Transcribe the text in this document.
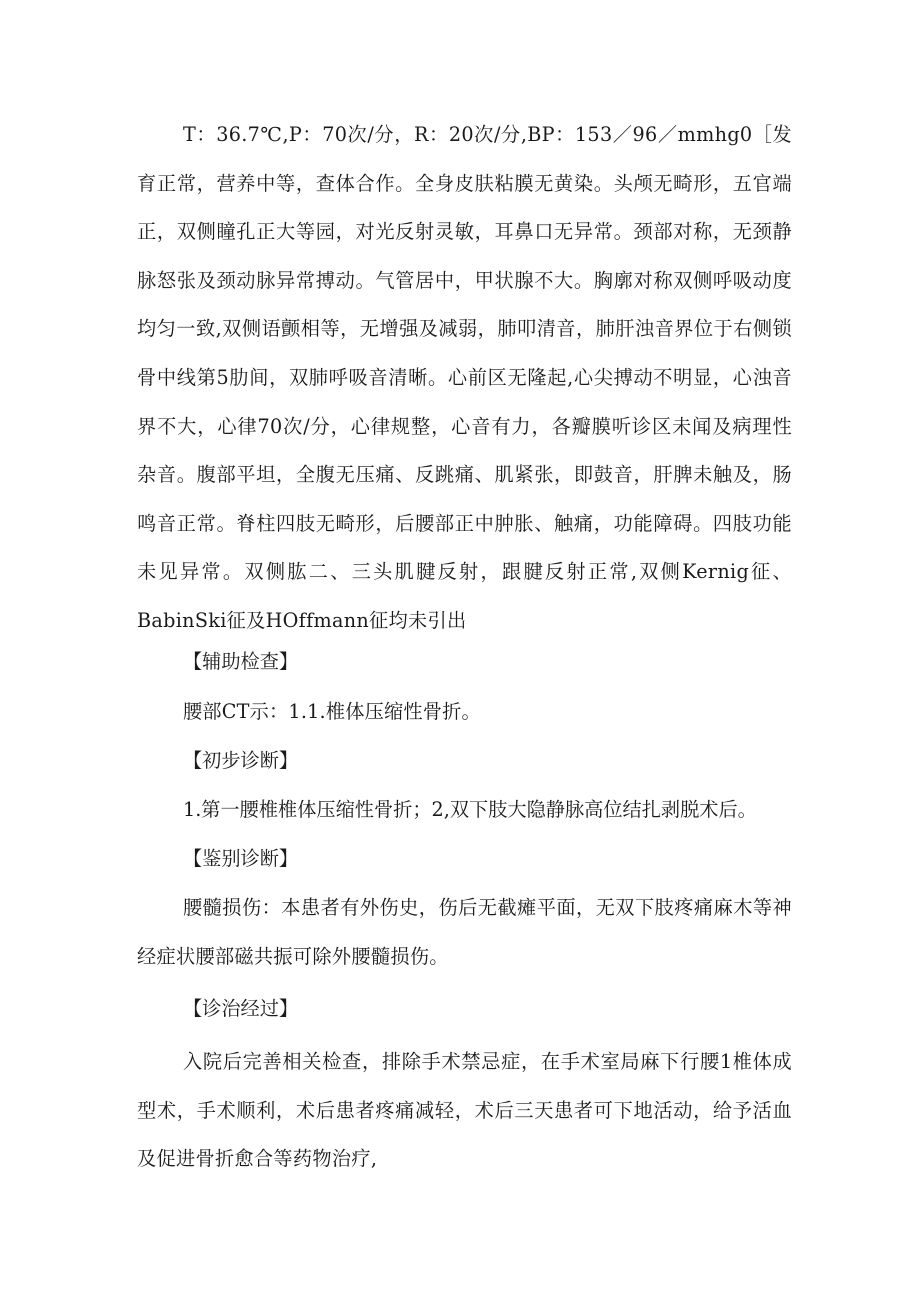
T：36.7℃,P：70次/分，R：20次/分,BP：153／96／mmhg0［发育正常，营养中等，查体合作。全身皮肤粘膜无黄染。头颅无畸形，五官端正，双侧瞳孔正大等园，对光反射灵敏，耳鼻口无异常。颈部对称，无颈静脉怒张及颈动脉异常搏动。气管居中，甲状腺不大。胸廓对称双侧呼吸动度均匀一致,双侧语颤相等，无增强及减弱，肺叩清音，肺肝浊音界位于右侧锁骨中线第5肋间，双肺呼吸音清晰。心前区无隆起,心尖搏动不明显，心浊音界不大，心律70次/分，心律规整，心音有力，各瓣膜听诊区未闻及病理性杂音。腹部平坦，全腹无压痛、反跳痛、肌紧张，即鼓音，肝脾未触及，肠鸣音正常。脊柱四肢无畸形，后腰部正中肿胀、触痛，功能障碍。四肢功能未见异常。双侧肱二、三头肌腱反射，跟腱反射正常,双侧Kernig征、BabinSki征及HOffmann征均未引出

【辅助检查】

腰部CT示：1.1.椎体压缩性骨折。

【初步诊断】

1.第一腰椎椎体压缩性骨折；2,双下肢大隐静脉高位结扎剥脱术后。

【鉴别诊断】

腰髓损伤：本患者有外伤史，伤后无截瘫平面，无双下肢疼痛麻木等神经症状腰部磁共振可除外腰髓损伤。

【诊治经过】

入院后完善相关检查，排除手术禁忌症，在手术室局麻下行腰1椎体成型术，手术顺利，术后患者疼痛减轻，术后三天患者可下地活动，给予活血及促进骨折愈合等药物治疗,
